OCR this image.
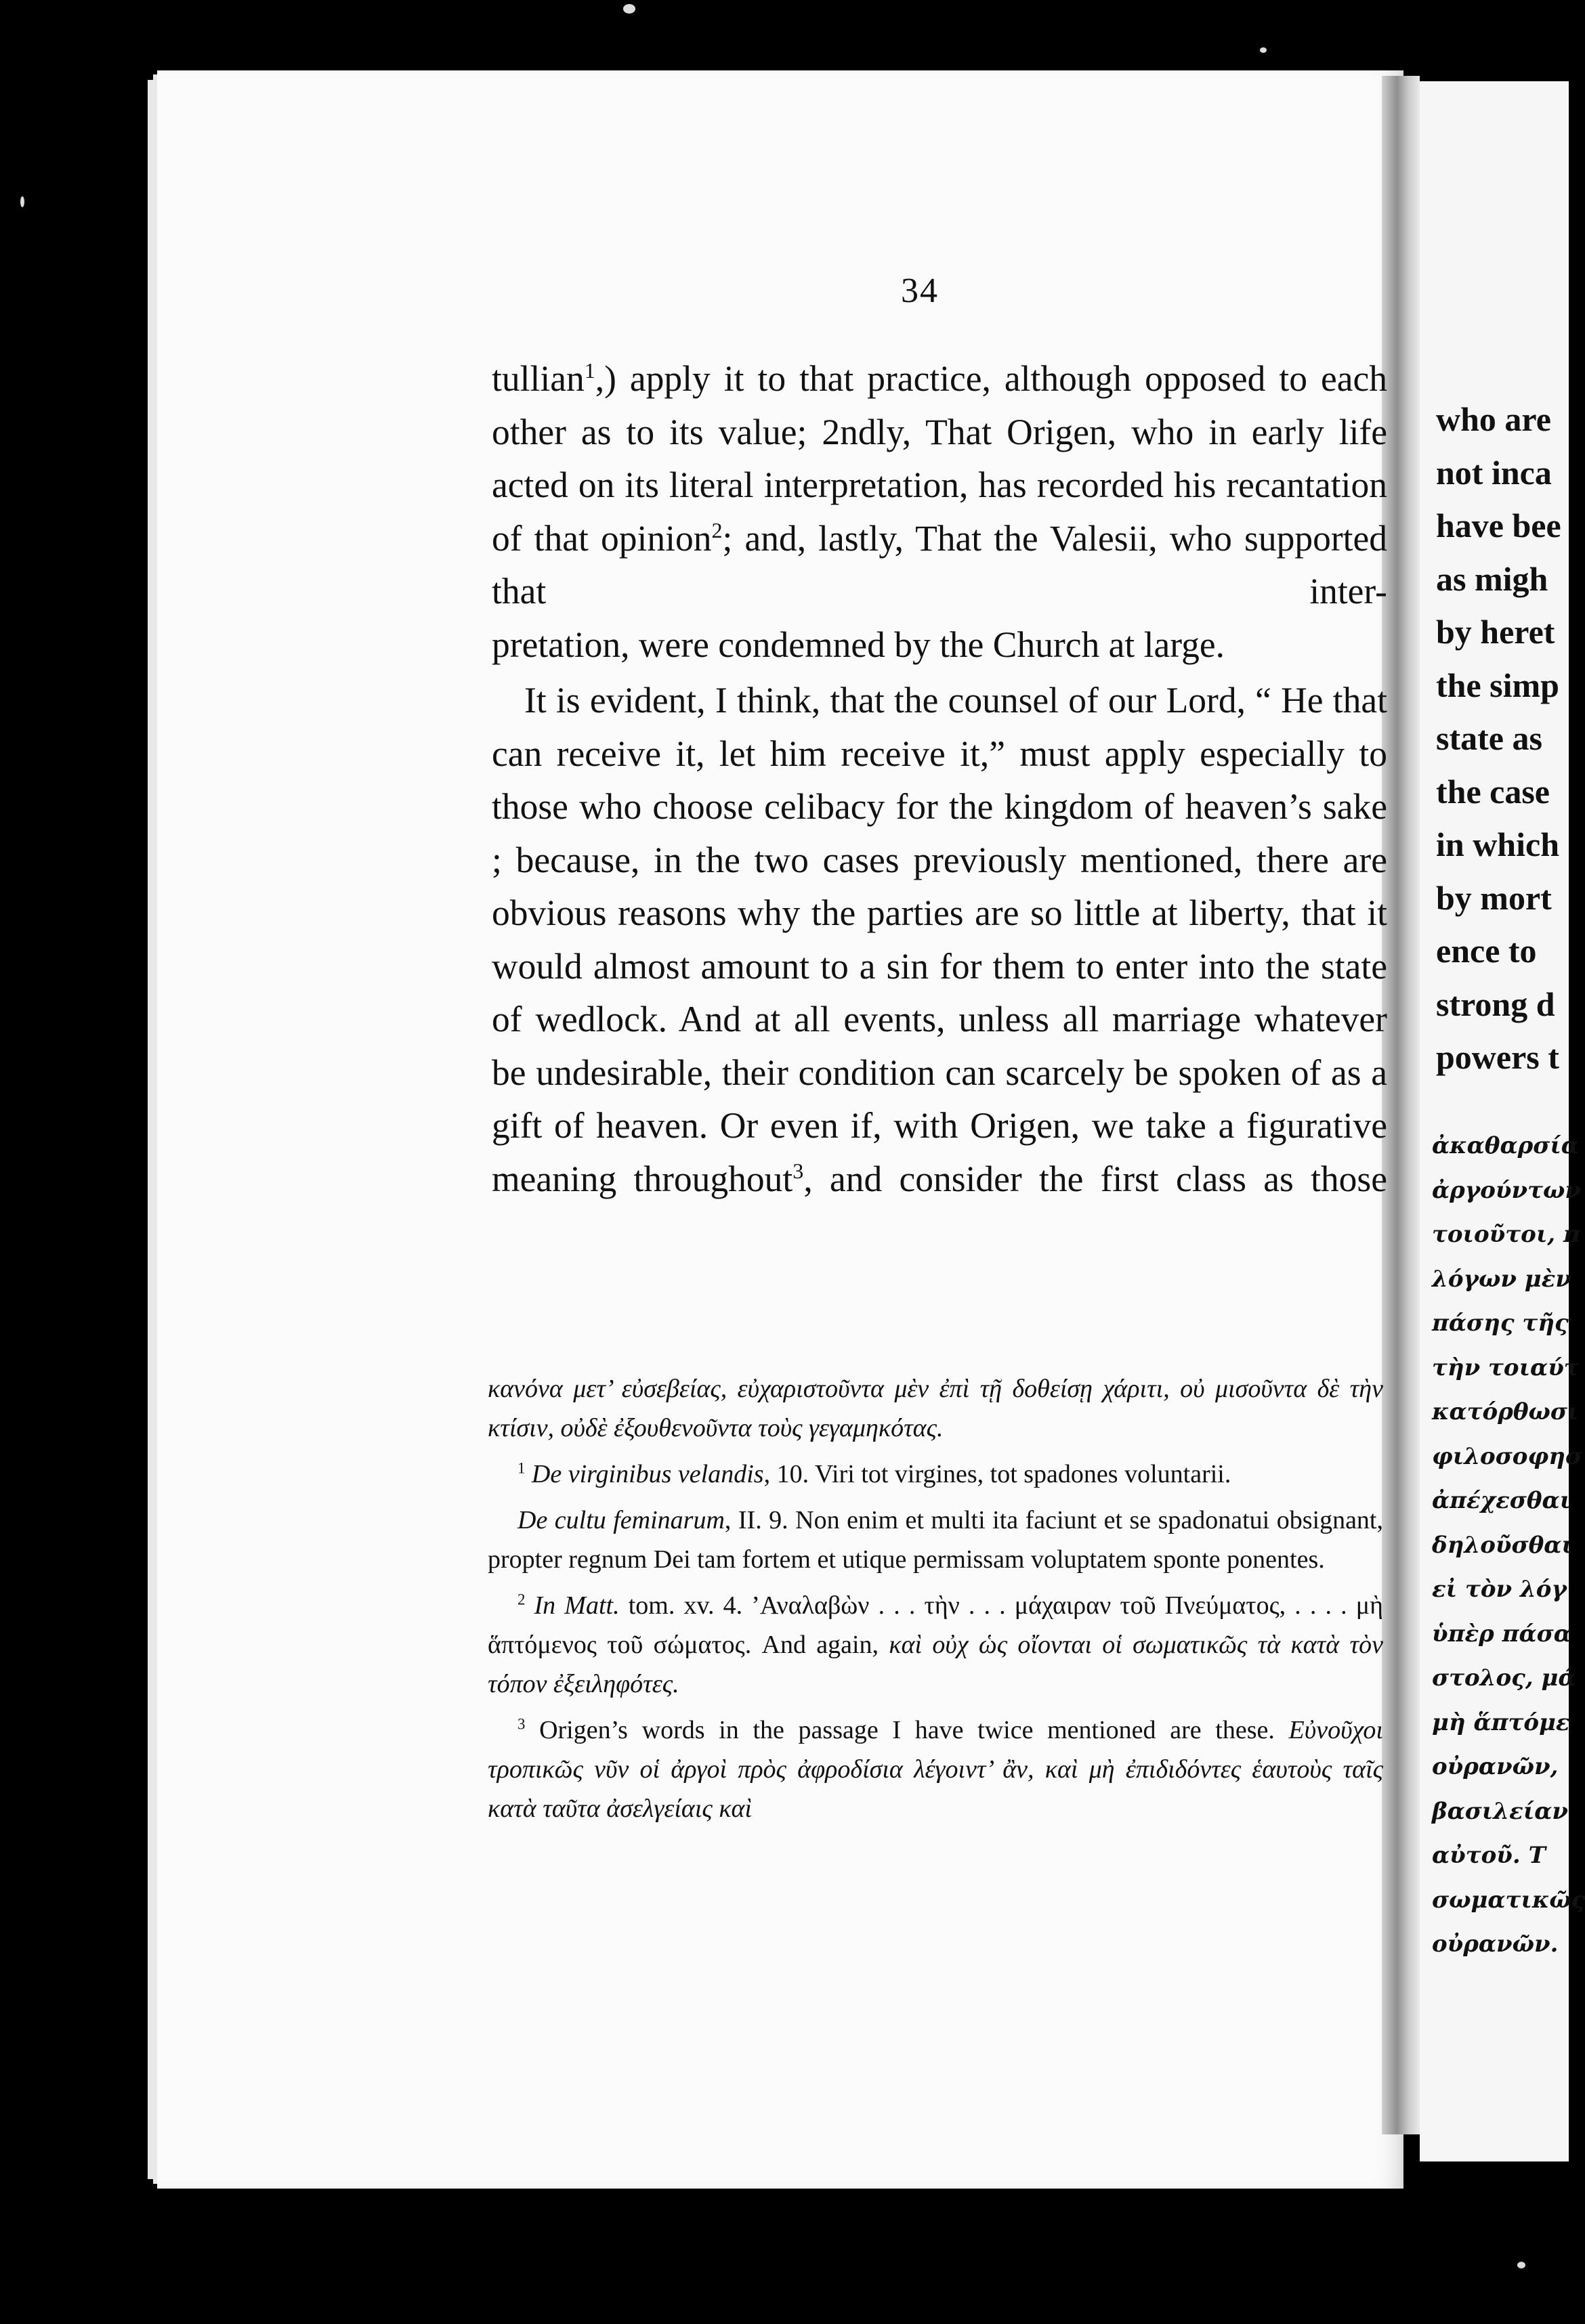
34

tullian$^1$,) apply it to that practice, although opposed to each other as to its value; 2ndly, That Origen, who in early life acted on its literal interpretation, has recorded his recantation of that opinion$^2$; and, lastly, That the Valesii, who supported that inter-

pretation, were condemned by the Church at large.

It is evident, I think, that the counsel of our Lord, “ He that can receive it, let him receive it,” must apply especially to those who choose celibacy for the kingdom of heaven’s sake ; because, in the two cases previously mentioned, there are obvious reasons why the parties are so little at liberty, that it would almost amount to a sin for them to enter into the state of wedlock. And at all events, unless all marriage whatever be undesirable, their condition can scarcely be spoken of as a gift of heaven. Or even if, with Origen, we take a figurative meaning throughout$^3$, and consider the first class as those

κανόνα μετ’ εὐσεβείας, εὐχαριστοῦντα μὲν ἐπὶ τῇ δοθείσῃ χάριτι, οὐ μισοῦντα δὲ τὴν κτίσιν, οὐδὲ ἐξουθενοῦντα τοὺς γεγαμηκότας.

$^1$ De virginibus velandis, 10. Viri tot virgines, tot spadones voluntarii.

De cultu feminarum, II. 9. Non enim et multi ita faciunt et se spadonatui obsignant, propter regnum Dei tam fortem et utique permissam voluptatem sponte ponentes.

$^2$ In Matt. tom. xv. 4. ’Αναλαβὼν . . . τὴν . . . μάχαιραν τοῦ Πνεύματος, . . . . μὴ ἅπτόμενος τοῦ σώματος. And again, καὶ οὐχ ὡς οἴονται οἱ σωματικῶς τὰ κατὰ τὸν τόπον ἐξειληφότες.

$^3$ Origen’s words in the passage I have twice mentioned are these. Εὐνοῦχοι τροπικῶς νῦν οἱ ἀργοὶ πρὸς ἀφροδίσια λέγοιντ’ ἂν, καὶ μὴ ἐπιδιδόντες ἑαυτοὺς ταῖς κατὰ ταῦτα ἀσελγείαις καὶ

who are
not inca
have bee
as migh
by heret
the simp
state as
the case
in which
by mort
ence to
strong d
powers t
ἀκαθαρσία
ἀργούντων
τοιοῦτοι, π
λόγων μὲν
πάσης τῆς
τὴν τοιαύτ
κατόρθωσι
φιλοσοφησ
ἀπέχεσθαι
δηλοῦσθαι
εἰ τὸν λόγ
ὑπὲρ πάσα
στολος, μά
μὴ ἅπτόμε
οὐρανῶν,
βασιλείαν
αὐτοῦ. T
σωματικῶς
οὐρανῶν.
